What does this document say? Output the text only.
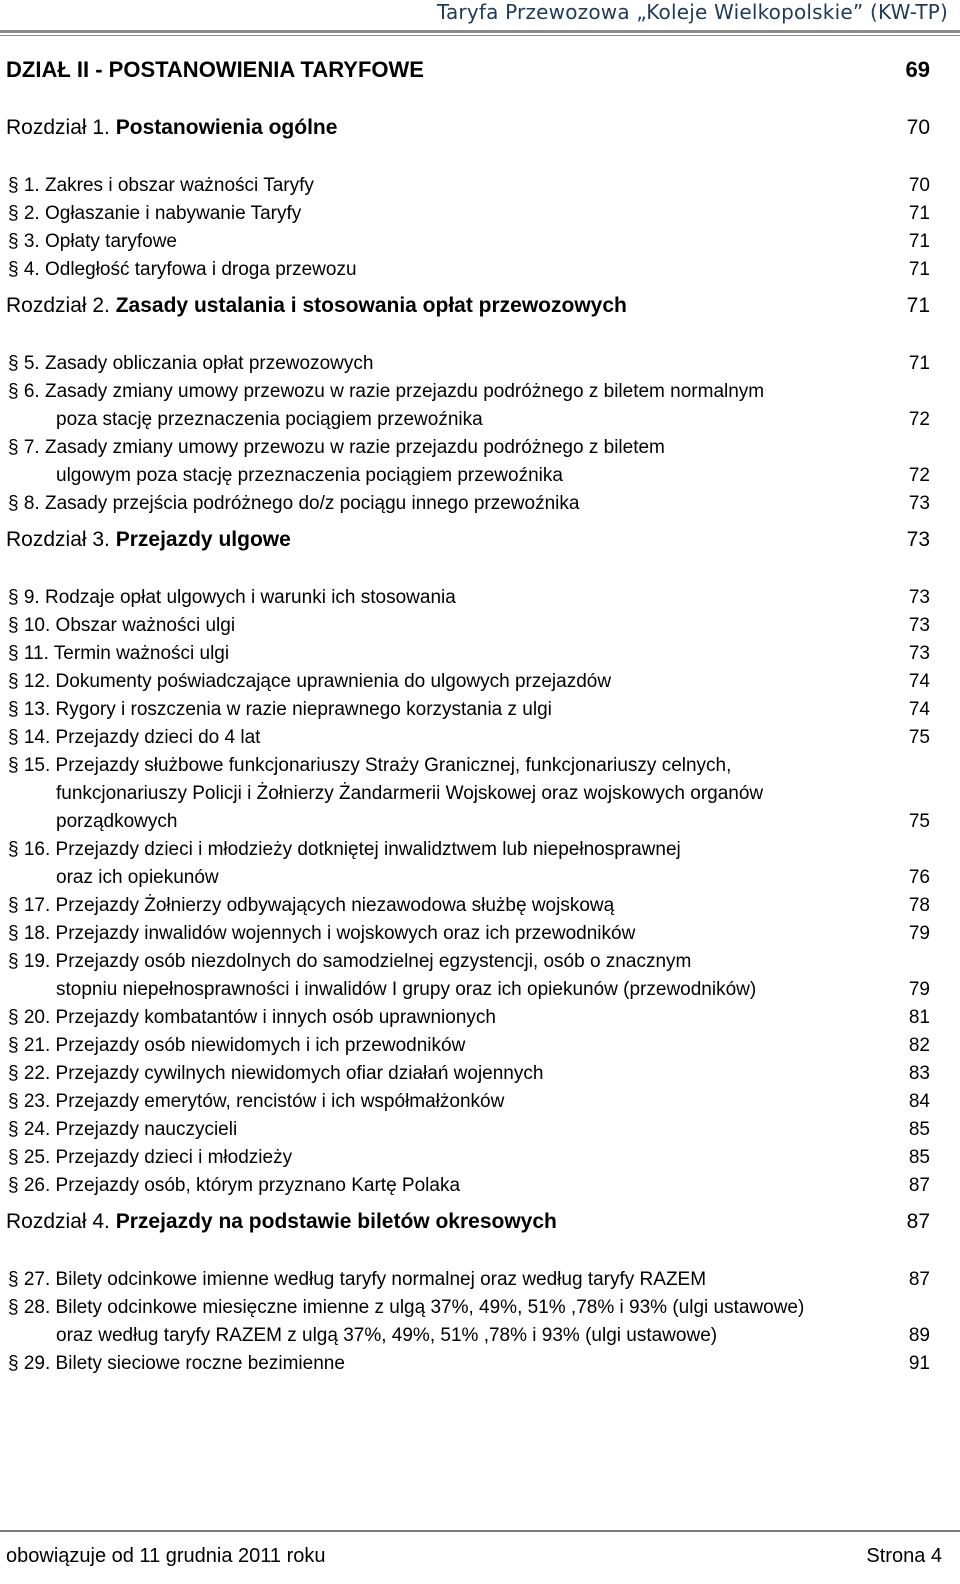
Taryfa Przewozowa „Koleje Wielkopolskie” (KW-TP)
DZIAŁ II - POSTANOWIENIA TARYFOWE	69
Rozdział 1. Postanowienia ogólne	70
§ 1. Zakres i obszar ważności Taryfy	70
§ 2. Ogłaszanie i nabywanie Taryfy	71
§ 3. Opłaty taryfowe	71
§ 4. Odległość taryfowa i droga przewozu	71
Rozdział 2. Zasady ustalania i stosowania opłat przewozowych	71
§ 5. Zasady obliczania opłat przewozowych	71
§ 6. Zasady zmiany umowy przewozu w razie przejazdu podróżnego z biletem normalnym
poza stację przeznaczenia pociągiem przewoźnika	72
§ 7. Zasady zmiany umowy przewozu w razie przejazdu podróżnego z biletem
ulgowym poza stację przeznaczenia pociągiem przewoźnika	72
§ 8. Zasady przejścia podróżnego do/z pociągu innego przewoźnika	73
Rozdział 3. Przejazdy ulgowe	73
§ 9. Rodzaje opłat ulgowych i warunki ich stosowania	73
§ 10. Obszar ważności ulgi	73
§ 11. Termin ważności ulgi	73
§ 12. Dokumenty poświadczające uprawnienia do ulgowych przejazdów	74
§ 13. Rygory i roszczenia w razie nieprawnego korzystania z ulgi	74
§ 14. Przejazdy dzieci do 4 lat	75
§ 15. Przejazdy służbowe funkcjonariuszy Straży Granicznej, funkcjonariuszy celnych,
funkcjonariuszy Policji i Żołnierzy Żandarmerii Wojskowej oraz wojskowych organów
porządkowych	75
§ 16. Przejazdy dzieci i młodzieży dotkniętej inwalidztwem lub niepełnosprawnej
oraz ich opiekunów	76
§ 17. Przejazdy Żołnierzy odbywających niezawodowa służbę wojskową	78
§ 18. Przejazdy inwalidów wojennych i wojskowych oraz ich przewodników	79
§ 19. Przejazdy osób niezdolnych do samodzielnej egzystencji, osób o znacznym
stopniu niepełnosprawności i inwalidów I grupy oraz ich opiekunów (przewodników)	79
§ 20. Przejazdy kombatantów i innych osób uprawnionych	81
§ 21. Przejazdy osób niewidomych i ich przewodników	82
§ 22. Przejazdy cywilnych niewidomych ofiar działań wojennych	83
§ 23. Przejazdy emerytów, rencistów i ich współmałżonków	84
§ 24. Przejazdy nauczycieli	85
§ 25. Przejazdy dzieci i młodzieży	85
§ 26. Przejazdy osób, którym przyznano Kartę Polaka	87
Rozdział 4. Przejazdy na podstawie biletów okresowych	87
§ 27. Bilety odcinkowe imienne według taryfy normalnej oraz według taryfy RAZEM	87
§ 28. Bilety odcinkowe miesięczne imienne z ulgą 37%, 49%, 51% ,78% i 93% (ulgi ustawowe)
oraz według taryfy RAZEM z ulgą 37%, 49%, 51% ,78% i 93% (ulgi ustawowe)	89
§ 29. Bilety sieciowe roczne bezimienne	91
obowiązuje od 11 grudnia 2011 roku	Strona 4
